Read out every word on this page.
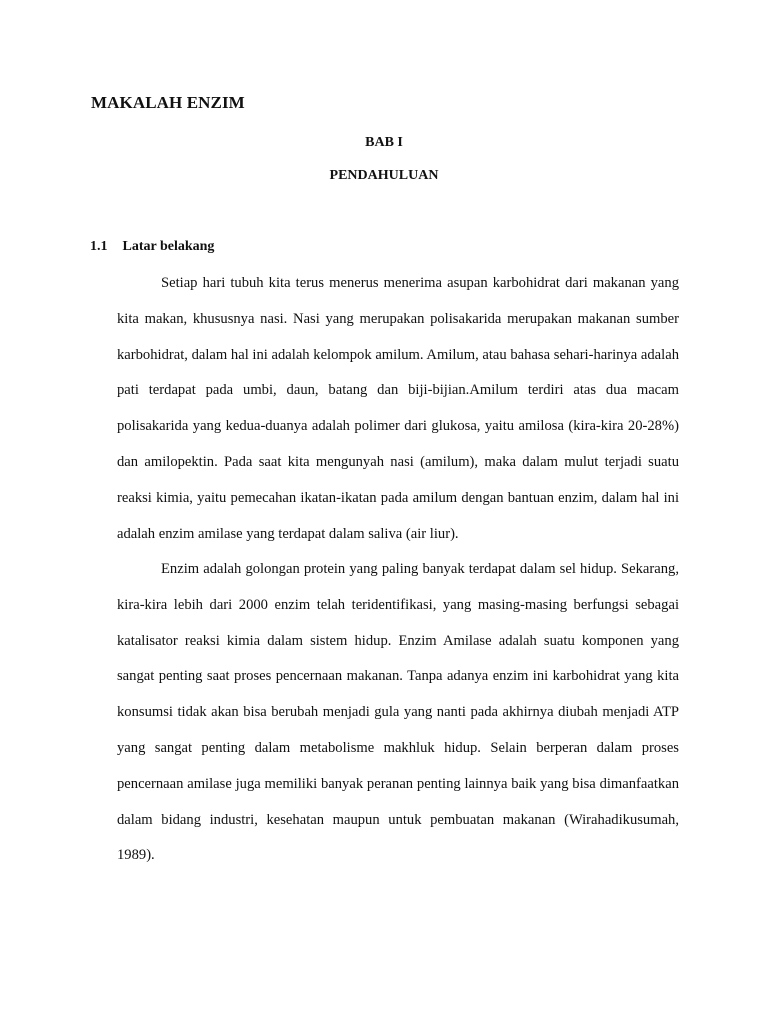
MAKALAH ENZIM
BAB I
PENDAHULUAN
1.1 Latar belakang

Setiap hari tubuh kita terus menerus menerima asupan karbohidrat dari makanan yang kita makan, khususnya nasi. Nasi yang merupakan polisakarida merupakan makanan sumber karbohidrat, dalam hal ini adalah kelompok amilum. Amilum, atau bahasa sehari-harinya adalah pati terdapat pada umbi, daun, batang dan biji-bijian.Amilum terdiri atas dua macam polisakarida yang kedua-duanya adalah polimer dari glukosa, yaitu amilosa (kira-kira 20-28%) dan amilopektin. Pada saat kita mengunyah nasi (amilum), maka dalam mulut terjadi suatu reaksi kimia, yaitu pemecahan ikatan-ikatan pada amilum dengan bantuan enzim, dalam hal ini adalah enzim amilase yang terdapat dalam saliva (air liur).

Enzim adalah golongan protein yang paling banyak terdapat dalam sel hidup. Sekarang, kira-kira lebih dari 2000 enzim telah teridentifikasi, yang masing-masing berfungsi sebagai katalisator reaksi kimia dalam sistem hidup. Enzim Amilase adalah suatu komponen yang sangat penting saat proses pencernaan makanan. Tanpa adanya enzim ini karbohidrat yang kita konsumsi tidak akan bisa berubah menjadi gula yang nanti pada akhirnya diubah menjadi ATP yang sangat penting dalam metabolisme makhluk hidup. Selain berperan dalam proses pencernaan amilase juga memiliki banyak peranan penting lainnya baik yang bisa dimanfaatkan dalam bidang industri, kesehatan maupun untuk pembuatan makanan (Wirahadikusumah, 1989).
